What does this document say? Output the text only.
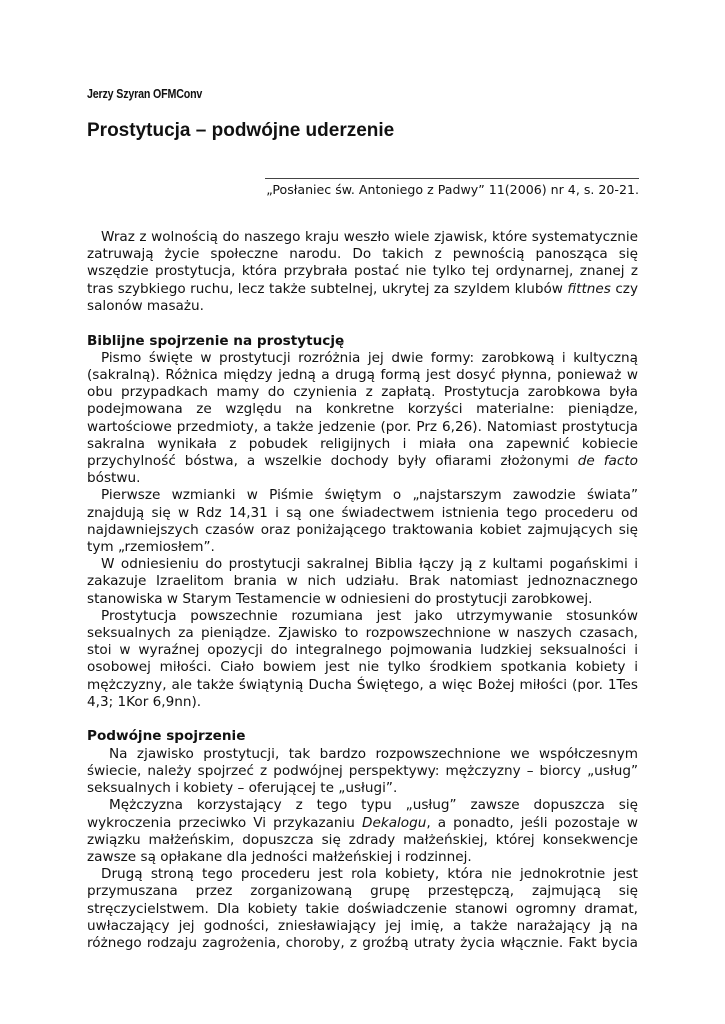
Jerzy Szyran OFMConv
Prostytucja – podwójne uderzenie
„Posłaniec św. Antoniego z Padwy” 11(2006) nr 4, s. 20-21.

Wraz z wolnością do naszego kraju weszło wiele zjawisk, które systematycznie zatruwają życie społeczne narodu. Do takich z pewnością panosząca się wszędzie prostytucja, która przybrała postać nie tylko tej ordynarnej, znanej z tras szybkiego ruchu, lecz także subtelnej, ukrytej za szyldem klubów fittnes czy salonów masażu.

Biblijne spojrzenie na prostytucję

Pismo święte w prostytucji rozróżnia jej dwie formy: zarobkową i kultyczną (sakralną). Różnica między jedną a drugą formą jest dosyć płynna, ponieważ w obu przypadkach mamy do czynienia z zapłatą. Prostytucja zarobkowa była podejmowana ze względu na konkretne korzyści materialne: pieniądze, wartościowe przedmioty, a także jedzenie (por. Prz 6,26). Natomiast prostytucja sakralna wynikała z pobudek religijnych i miała ona zapewnić kobiecie przychylność bóstwa, a wszelkie dochody były ofiarami złożonymi de facto bóstwu.

Pierwsze wzmianki w Piśmie świętym o „najstarszym zawodzie świata” znajdują się w Rdz 14,31 i są one świadectwem istnienia tego procederu od najdawniejszych czasów oraz poniżającego traktowania kobiet zajmujących się tym „rzemiosłem”.

W odniesieniu do prostytucji sakralnej Biblia łączy ją z kultami pogańskimi i zakazuje Izraelitom brania w nich udziału. Brak natomiast jednoznacznego stanowiska w Starym Testamencie w odniesieni do prostytucji zarobkowej.

Prostytucja powszechnie rozumiana jest jako utrzymywanie stosunków seksualnych za pieniądze. Zjawisko to rozpowszechnione w naszych czasach, stoi w wyraźnej opozycji do integralnego pojmowania ludzkiej seksualności i osobowej miłości. Ciało bowiem jest nie tylko środkiem spotkania kobiety i mężczyzny, ale także świątynią Ducha Świętego, a więc Bożej miłości (por. 1Tes 4,3; 1Kor 6,9nn).

Podwójne spojrzenie

Na zjawisko prostytucji, tak bardzo rozpowszechnione we współczesnym świecie, należy spojrzeć z podwójnej perspektywy: mężczyzny – biorcy „usług” seksualnych i kobiety – oferującej te „usługi”.

Mężczyzna korzystający z tego typu „usług” zawsze dopuszcza się wykroczenia przeciwko Vi przykazaniu Dekalogu, a ponadto, jeśli pozostaje w związku małżeńskim, dopuszcza się zdrady małżeńskiej, której konsekwencje zawsze są opłakane dla jedności małżeńskiej i rodzinnej.

Drugą stroną tego procederu jest rola kobiety, która nie jednokrotnie jest przymuszana przez zorganizowaną grupę przestępczą, zajmującą się stręczycielstwem. Dla kobiety takie doświadczenie stanowi ogromny dramat, uwłaczający jej godności, zniesławiający jej imię, a także narażający ją na różnego rodzaju zagrożenia, choroby, z groźbą utraty życia włącznie. Fakt bycia
